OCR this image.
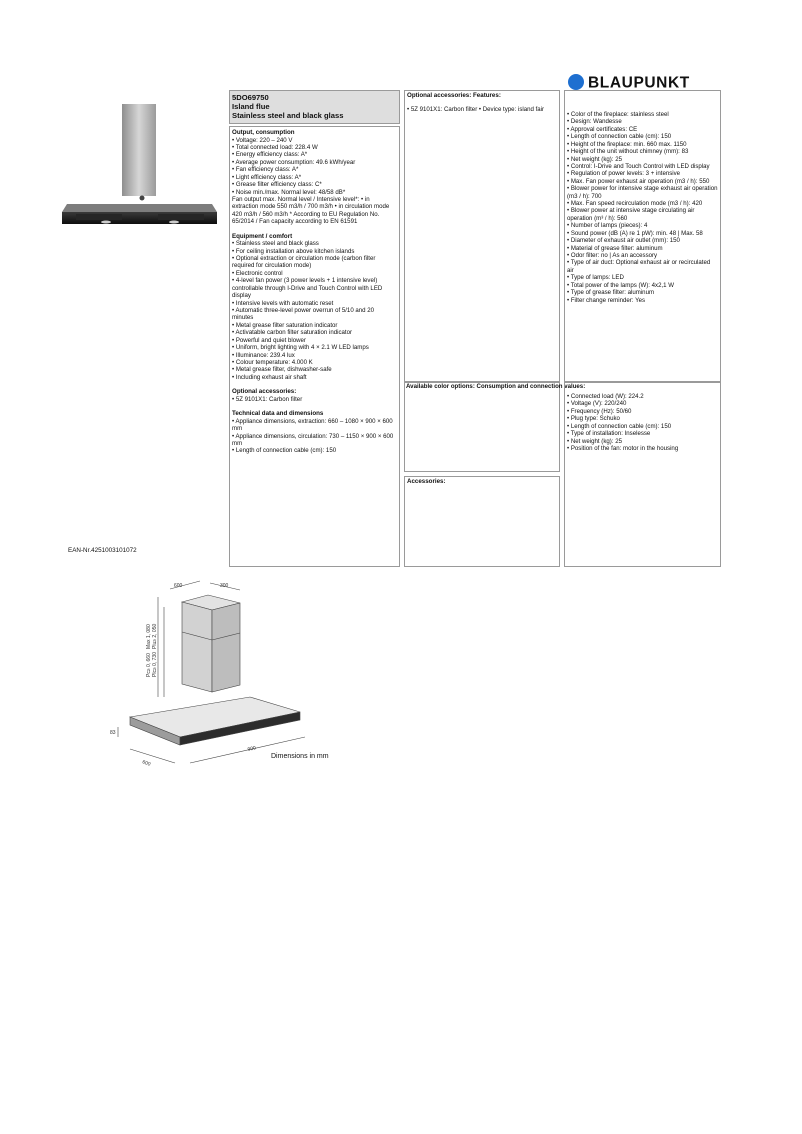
5DO69750
Island flue
Stainless steel and black glass
Output, consumption
• Voltage: 220 – 240 V
• Total connected load: 228.4 W
• Energy efficiency class: A*
• Average power consumption: 49.6 kWh/year
• Fan efficiency class: A*
• Light efficiency class: A*
• Grease filter efficiency class: C*
• Noise min./max. Normal level: 48/58 dB*
Fan output max. Normal level / Intensive level*: • in extraction mode 550 m3/h / 700 m3/h • in circulation mode 420 m3/h / 560 m3/h * According to EU Regulation No. 65/2014 / Fan capacity according to EN 61591
Equipment / comfort
• Stainless steel and black glass
• For ceiling installation above kitchen islands
• Optional extraction or circulation mode (carbon filter required for circulation mode)
• Electronic control
• 4-level fan power (3 power levels + 1 intensive level) controllable through I-Drive and Touch Control with LED display
• Intensive levels with automatic reset
• Automatic three-level power overrun of 5/10 and 20 minutes
• Metal grease filter saturation indicator
• Activatable carbon filter saturation indicator
• Powerful and quiet blower
• Uniform, bright lighting with 4 × 2.1 W LED lamps
• Illuminance: 239.4 lux
• Colour temperature: 4.000 K
• Metal grease filter, dishwasher-safe
• Including exhaust air shaft
Optional accessories:
• 5Z 9101X1: Carbon filter
Technical data and dimensions
• Appliance dimensions, extraction: 660 – 1080 × 900 × 600 mm
• Appliance dimensions, circulation: 730 – 1150 × 900 × 600 mm
• Length of connection cable (cm): 150
Optional accessories: Features:
• 5Z 9101X1: Carbon filter • Device type: island fair
Available color options: Consumption and connection values:
Accessories:
BLAUPUNKT
• Color of the fireplace: stainless steel
• Design: Wandesse
• Approval certificates: CE
• Length of connection cable (cm): 150
• Height of the fireplace: min. 660 max. 1150
• Height of the unit without chimney (mm): 83
• Net weight (kg): 25
• Control: I-Drive and Touch Control with LED display
• Regulation of power levels: 3 + intensive
• Max. Fan power exhaust air operation (m3 / h): 550
• Blower power for intensive stage exhaust air operation (m3 / h): 700
• Max. Fan speed recirculation mode (m3 / h): 420
• Blower power at intensive stage circulating air operation (m³ / h): 560
• Number of lamps (pieces): 4
• Sound power (dB (A) re 1 pW): min. 48 | Max. 58
• Diameter of exhaust air outlet (mm): 150
• Material of grease filter: aluminum
• Odor filter: no | As an accessory
• Type of air duct: Optional exhaust air or recirculated air
• Type of lamps: LED
• Total power of the lamps (W): 4x2,1 W
• Type of grease filter: aluminum
• Filter change reminder: Yes
• Connected load (W): 224.2
• Voltage (V): 220/240
• Frequency (Hz): 50/60
• Plug type: Schuko
• Length of connection cable (cm): 150
• Type of installation: Inselesse
• Net weight (kg): 25
• Position of the fan: motor in the housing
EAN-Nr.4251003101072
600	300
Pc≥ 0, 660
Max 1, 080
Plc≥ 0, 730
Plu≥ 2, 050
83
600
900
Dimensions in mm
